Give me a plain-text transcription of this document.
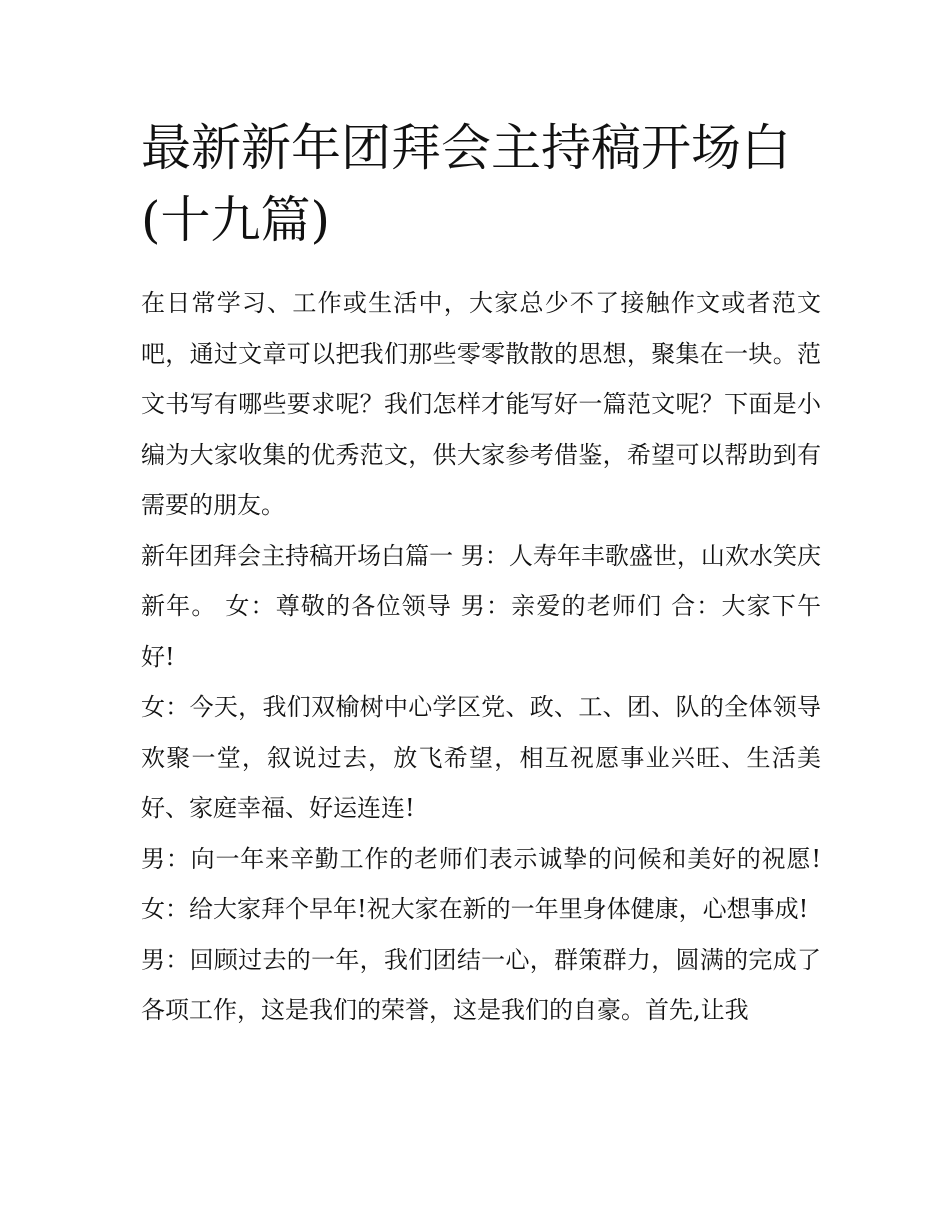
最新新年团拜会主持稿开场白(十九篇)

在日常学习、工作或生活中，大家总少不了接触作文或者范文吧，通过文章可以把我们那些零零散散的思想，聚集在一块。范文书写有哪些要求呢？我们怎样才能写好一篇范文呢？下面是小编为大家收集的优秀范文，供大家参考借鉴，希望可以帮助到有需要的朋友。

新年团拜会主持稿开场白篇一 男：人寿年丰歌盛世，山欢水笑庆新年。 女：尊敬的各位领导 男：亲爱的老师们 合：大家下午好!

女：今天，我们双榆树中心学区党、政、工、团、队的全体领导欢聚一堂，叙说过去，放飞希望，相互祝愿事业兴旺、生活美好、家庭幸福、好运连连!

男：向一年来辛勤工作的老师们表示诚挚的问候和美好的祝愿! 女：给大家拜个早年!祝大家在新的一年里身体健康，心想事成!

男：回顾过去的一年，我们团结一心，群策群力，圆满的完成了各项工作，这是我们的荣誉，这是我们的自豪。首先,让我
